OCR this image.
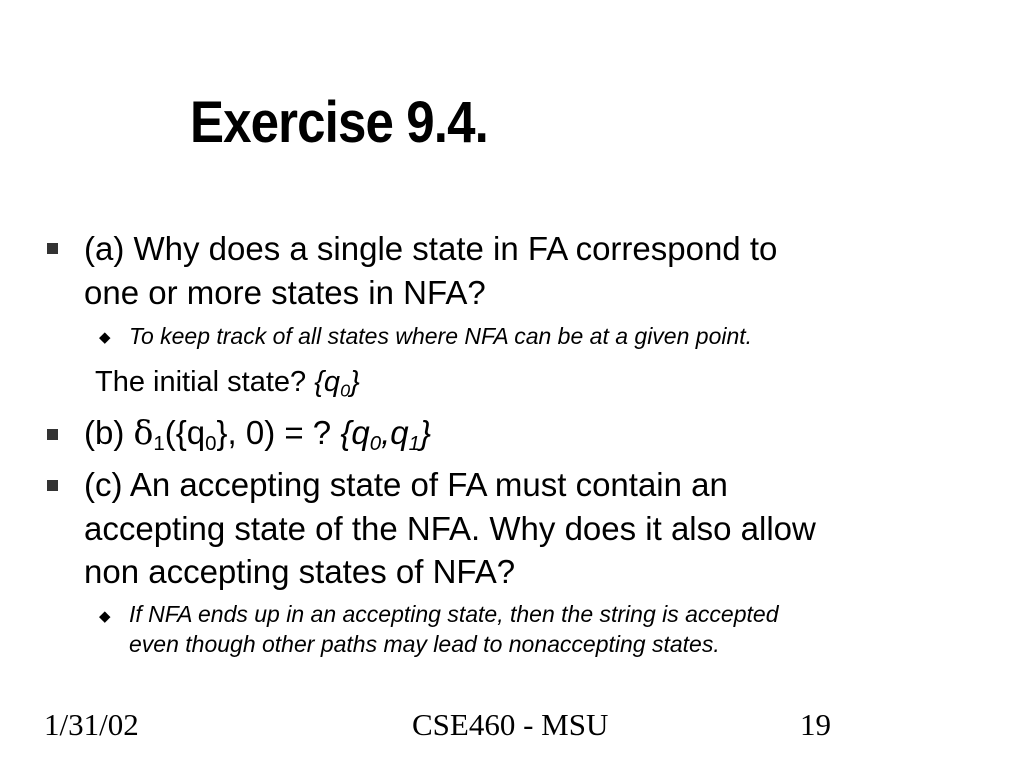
Exercise 9.4.
(a) Why does a single state in FA correspond to
one or more states in NFA?
◆ To keep track of all states where NFA can be at a given point.
The initial state? $\{q_0\}$
(b) $\delta_1(\{q_0\}$, 0) = ? $\{q_0,q_1\}$
(c) An accepting state of FA must contain an
accepting state of the NFA. Why does it also allow
non accepting states of NFA?
◆ If NFA ends up in an accepting state, then the string is accepted
even though other paths may lead to nonaccepting states.
1/31/02	CSE460 - MSU	19
